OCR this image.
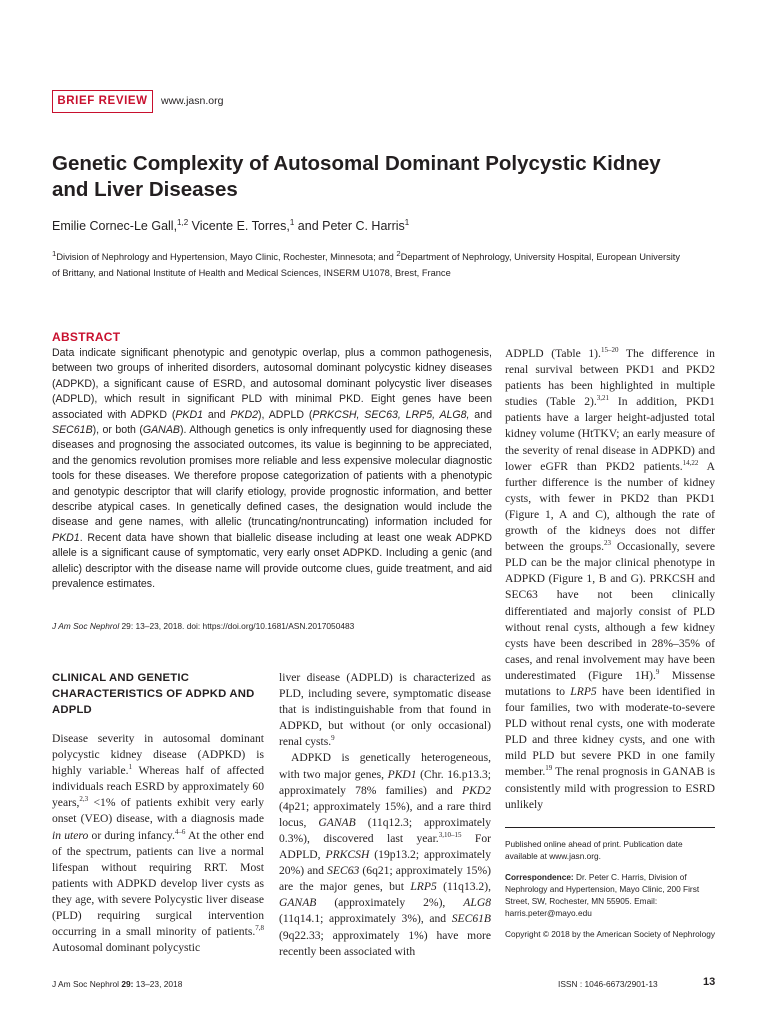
BRIEF REVIEW	www.jasn.org
Genetic Complexity of Autosomal Dominant Polycystic Kidney and Liver Diseases
Emilie Cornec-Le Gall,$^{1,2}$ Vicente E. Torres,$^1$ and Peter C. Harris$^1$
$^1$Division of Nephrology and Hypertension, Mayo Clinic, Rochester, Minnesota; and $^2$Department of Nephrology, University Hospital, European University of Brittany, and National Institute of Health and Medical Sciences, INSERM U1078, Brest, France
ABSTRACT
Data indicate significant phenotypic and genotypic overlap, plus a common pathogenesis, between two groups of inherited disorders, autosomal dominant polycystic kidney diseases (ADPKD), a significant cause of ESRD, and autosomal dominant polycystic liver diseases (ADPLD), which result in significant PLD with minimal PKD. Eight genes have been associated with ADPKD (PKD1 and PKD2), ADPLD (PRKCSH, SEC63, LRP5, ALG8, and SEC61B), or both (GANAB). Although genetics is only infrequently used for diagnosing these diseases and prognosing the associated outcomes, its value is beginning to be appreciated, and the genomics revolution promises more reliable and less expensive molecular diagnostic tools for these diseases. We therefore propose categorization of patients with a phenotypic and genotypic descriptor that will clarify etiology, provide prognostic information, and better describe atypical cases. In genetically defined cases, the designation would include the disease and gene names, with allelic (truncating/nontruncating) information included for PKD1. Recent data have shown that biallelic disease including at least one weak ADPKD allele is a significant cause of symptomatic, very early onset ADPKD. Including a genic (and allelic) descriptor with the disease name will provide outcome clues, guide treatment, and aid prevalence estimates.
J Am Soc Nephrol 29: 13–23, 2018. doi: https://doi.org/10.1681/ASN.2017050483
CLINICAL AND GENETIC CHARACTERISTICS OF ADPKD AND ADPLD

Disease severity in autosomal dominant polycystic kidney disease (ADPKD) is highly variable.$^1$ Whereas half of affected individuals reach ESRD by approximately 60 years,$^{2,3}$ <1% of patients exhibit very early onset (VEO) disease, with a diagnosis made in utero or during infancy.$^{4-6}$ At the other end of the spectrum, patients can live a normal lifespan without requiring RRT. Most patients with ADPKD develop liver cysts as they age, with severe Polycystic liver disease (PLD) requiring surgical intervention occurring in a small minority of patients.$^{7,8}$ Autosomal dominant polycystic

liver disease (ADPLD) is characterized as PLD, including severe, symptomatic disease that is indistinguishable from that found in ADPKD, but without (or only occasional) renal cysts.$^9$

ADPKD is genetically heterogeneous, with two major genes, PKD1 (Chr. 16.p13.3; approximately 78% families) and PKD2 (4p21; approximately 15%), and a rare third locus, GANAB (11q12.3; approximately 0.3%), discovered last year.$^{3,10-15}$ For ADPLD, PRKCSH (19p13.2; approximately 20%) and SEC63 (6q21; approximately 15%) are the major genes, but LRP5 (11q13.2), GANAB (approximately 2%), ALG8 (11q14.1; approximately 3%), and SEC61B (9q22.33; approximately 1%) have more recently been associated with

ADPLD (Table 1).$^{15-20}$ The difference in renal survival between PKD1 and PKD2 patients has been highlighted in multiple studies (Table 2).$^{3,21}$ In addition, PKD1 patients have a larger height-adjusted total kidney volume (HtTKV; an early measure of the severity of renal disease in ADPKD) and lower eGFR than PKD2 patients.$^{14,22}$ A further difference is the number of kidney cysts, with fewer in PKD2 than PKD1 (Figure 1, A and C), although the rate of growth of the kidneys does not differ between the groups.$^{23}$ Occasionally, severe PLD can be the major clinical phenotype in ADPKD (Figure 1, B and G). PRKCSH and SEC63 have not been clinically differentiated and majorly consist of PLD without renal cysts, although a few kidney cysts have been described in 28%–35% of cases, and renal involvement may have been underestimated (Figure 1H).$^9$ Missense mutations to LRP5 have been identified in four families, two with moderate-to-severe PLD without renal cysts, one with moderate PLD and three kidney cysts, and one with mild PLD but severe PKD in one family member.$^{19}$ The renal prognosis in GANAB is consistently mild with progression to ESRD unlikely

Published online ahead of print. Publication date available at www.jasn.org.

Correspondence: Dr. Peter C. Harris, Division of Nephrology and Hypertension, Mayo Clinic, 200 First Street, SW, Rochester, MN 55905. Email: harris.peter@mayo.edu

Copyright © 2018 by the American Society of Nephrology

J Am Soc Nephrol 29: 13–23, 2018	ISSN : 1046-6673/2901-13	13
